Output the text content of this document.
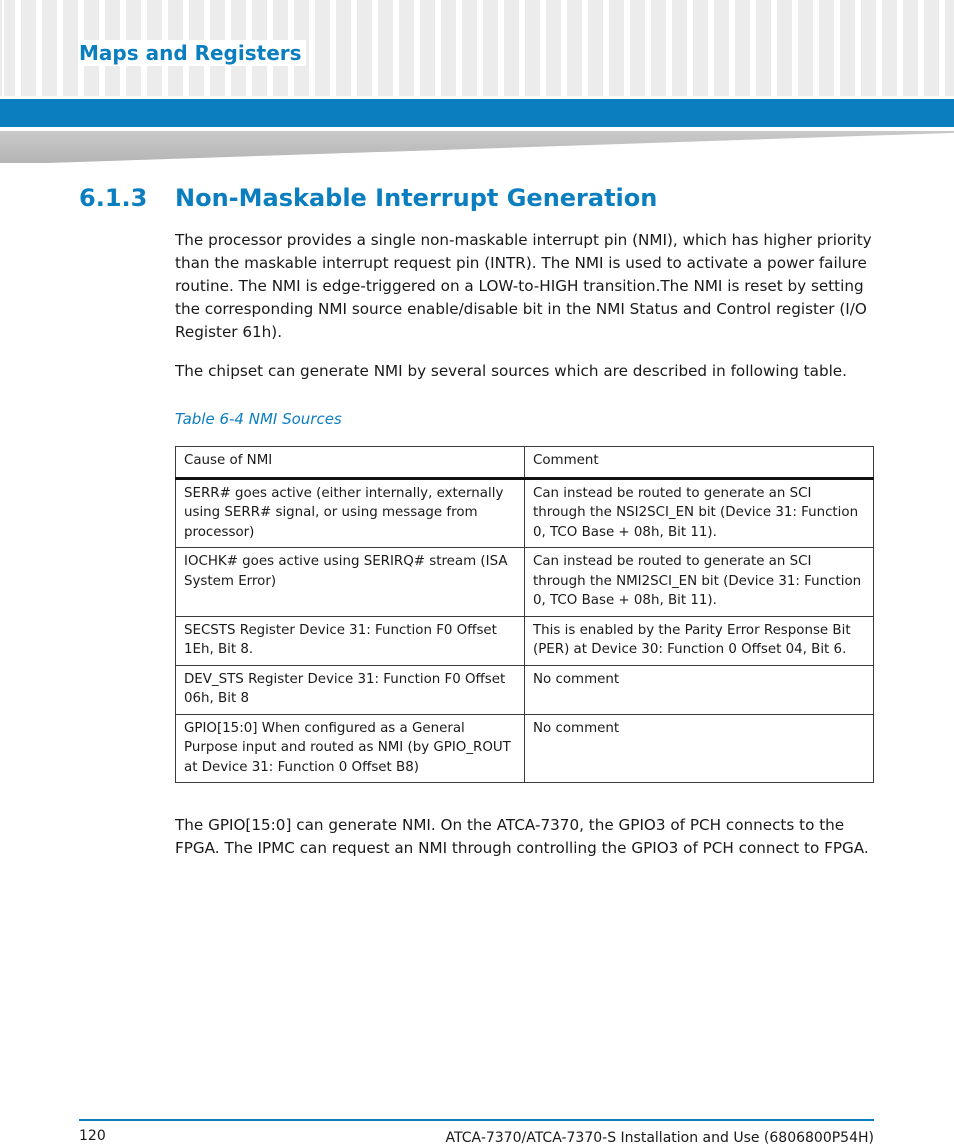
Maps and Registers
6.1.3 Non-Maskable Interrupt Generation

The processor provides a single non-maskable interrupt pin (NMI), which has higher priority than the maskable interrupt request pin (INTR). The NMI is used to activate a power failure routine. The NMI is edge-triggered on a LOW-to-HIGH transition.The NMI is reset by setting the corresponding NMI source enable/disable bit in the NMI Status and Control register (I/O Register 61h).

The chipset can generate NMI by several sources which are described in following table.

Table 6-4 NMI Sources
Cause of NMI	Comment
SERR# goes active (either internally, externally using SERR# signal, or using message from processor)	Can instead be routed to generate an SCI through the NSI2SCI_EN bit (Device 31: Function 0, TCO Base + 08h, Bit 11).
IOCHK# goes active using SERIRQ# stream (ISA System Error)	Can instead be routed to generate an SCI through the NMI2SCI_EN bit (Device 31: Function 0, TCO Base + 08h, Bit 11).
SECSTS Register Device 31: Function F0 Offset 1Eh, Bit 8.	This is enabled by the Parity Error Response Bit (PER) at Device 30: Function 0 Offset 04, Bit 6.
DEV_STS Register Device 31: Function F0 Offset 06h, Bit 8	No comment
GPIO[15:0] When configured as a General Purpose input and routed as NMI (by GPIO_ROUT at Device 31: Function 0 Offset B8)	No comment

The GPIO[15:0] can generate NMI. On the ATCA-7370, the GPIO3 of PCH connects to the FPGA. The IPMC can request an NMI through controlling the GPIO3 of PCH connect to FPGA.

120	ATCA-7370/ATCA-7370-S Installation and Use (6806800P54H)
